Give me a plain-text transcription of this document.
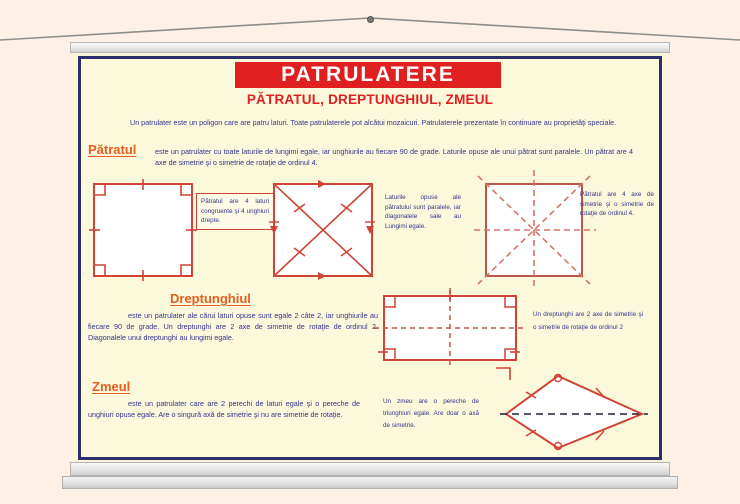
PATRULATERE
PĂTRATUL, DREPTUNGHIUL, ZMEUL
Un patrulater este un poligon care are patru laturi. Toate patrulaterele pot alcătui mozaicuri. Patrulaterele prezentate în continuare au proprietăţi speciale.
Pătratul	este un patrulater cu toate laturile de lungimi egale, iar unghiurile au fiecare 90 de grade. Laturile opuse ale unui pătrat sunt paralele. Un pătrat are 4 axe de simetrie şi o simetrie de rotaţie de ordinul 4.
Pătratul are 4 laturi congruente şi 4 unghiuri drepte.
Laturile opuse ale pătratului sunt paralele, iar diagonalele sale au Lungimi egale.
Pătratul are 4 axe de simetrie şi o simetrie de rotaţie de ordinul 4.
Dreptunghiul
este un patrulater ale cărui laturi opuse sunt egale 2 câte 2, iar unghiurile au fiecare 90 de grade. Un dreptunghi are 2 axe de simetrie de rotaţie de ordinul 2. Diagonalele unui dreptunghi au lungimi egale.
Un dreptunghi are 2 axe de simetrie şi o simetrie de rotaţie de ordinul 2
Zmeul
este un patrulater care are 2 perechi de laturi egale şi o pereche de unghiuri opuse egale. Are o singură axă de simetrie şi nu are simetrie de rotaţie.
Un zmeu are o pereche de triunghiuri egale. Are doar o axă de simetrie.
